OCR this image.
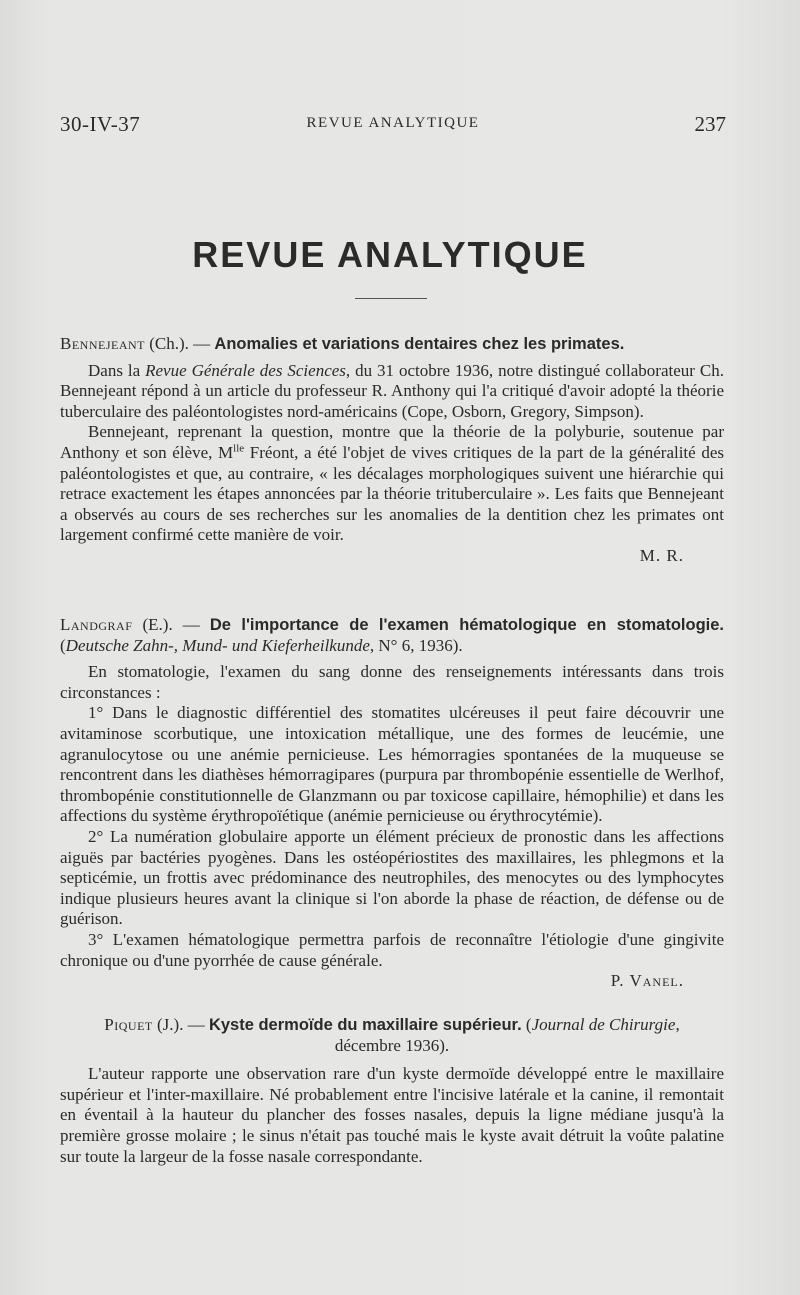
30-IV-37	REVUE ANALYTIQUE	237
REVUE ANALYTIQUE

Bennejeant (Ch.). — Anomalies et variations dentaires chez les primates.

Dans la Revue Générale des Sciences, du 31 octobre 1936, notre distingué collaborateur Ch. Bennejeant répond à un article du professeur R. Anthony qui l'a critiqué d'avoir adopté la théorie tuberculaire des paléontologistes nord-américains (Cope, Osborn, Gregory, Simpson).

Bennejeant, reprenant la question, montre que la théorie de la polyburie, soutenue par Anthony et son élève, $M^{lle}$ Fréont, a été l'objet de vives critiques de la part de la généralité des paléontologistes et que, au contraire, « les décalages morphologiques suivent une hiérarchie qui retrace exactement les étapes annoncées par la théorie trituberculaire ». Les faits que Bennejeant a observés au cours de ses recherches sur les anomalies de la dentition chez les primates ont largement confirmé cette manière de voir.

M. R.

Landgraf (E.). — De l'importance de l'examen hématologique en stomatologie. (Deutsche Zahn-, Mund- und Kieferheilkunde, N° 6, 1936).

En stomatologie, l'examen du sang donne des renseignements intéressants dans trois circonstances :

1° Dans le diagnostic différentiel des stomatites ulcéreuses il peut faire découvrir une avitaminose scorbutique, une intoxication métallique, une des formes de leucémie, une agranulocytose ou une anémie pernicieuse. Les hémorragies spontanées de la muqueuse se rencontrent dans les diathèses hémorragipares (purpura par thrombopénie essentielle de Werlhof, thrombopénie constitutionnelle de Glanzmann ou par toxicose capillaire, hémophilie) et dans les affections du système érythropoïétique (anémie pernicieuse ou érythrocytémie).

2° La numération globulaire apporte un élément précieux de pronostic dans les affections aiguës par bactéries pyogènes. Dans les ostéopériostites des maxillaires, les phlegmons et la septicémie, un frottis avec prédominance des neutrophiles, des menocytes ou des lymphocytes indique plusieurs heures avant la clinique si l'on aborde la phase de réaction, de défense ou de guérison.

3° L'examen hématologique permettra parfois de reconnaître l'étiologie d'une gingivite chronique ou d'une pyorrhée de cause générale.

P. Vanel.

Piquet (J.). — Kyste dermoïde du maxillaire supérieur. (Journal de Chirurgie, décembre 1936).

L'auteur rapporte une observation rare d'un kyste dermoïde développé entre le maxillaire supérieur et l'inter-maxillaire. Né probablement entre l'incisive latérale et la canine, il remontait en éventail à la hauteur du plancher des fosses nasales, depuis la ligne médiane jusqu'à la première grosse molaire ; le sinus n'était pas touché mais le kyste avait détruit la voûte palatine sur toute la largeur de la fosse nasale correspondante.
